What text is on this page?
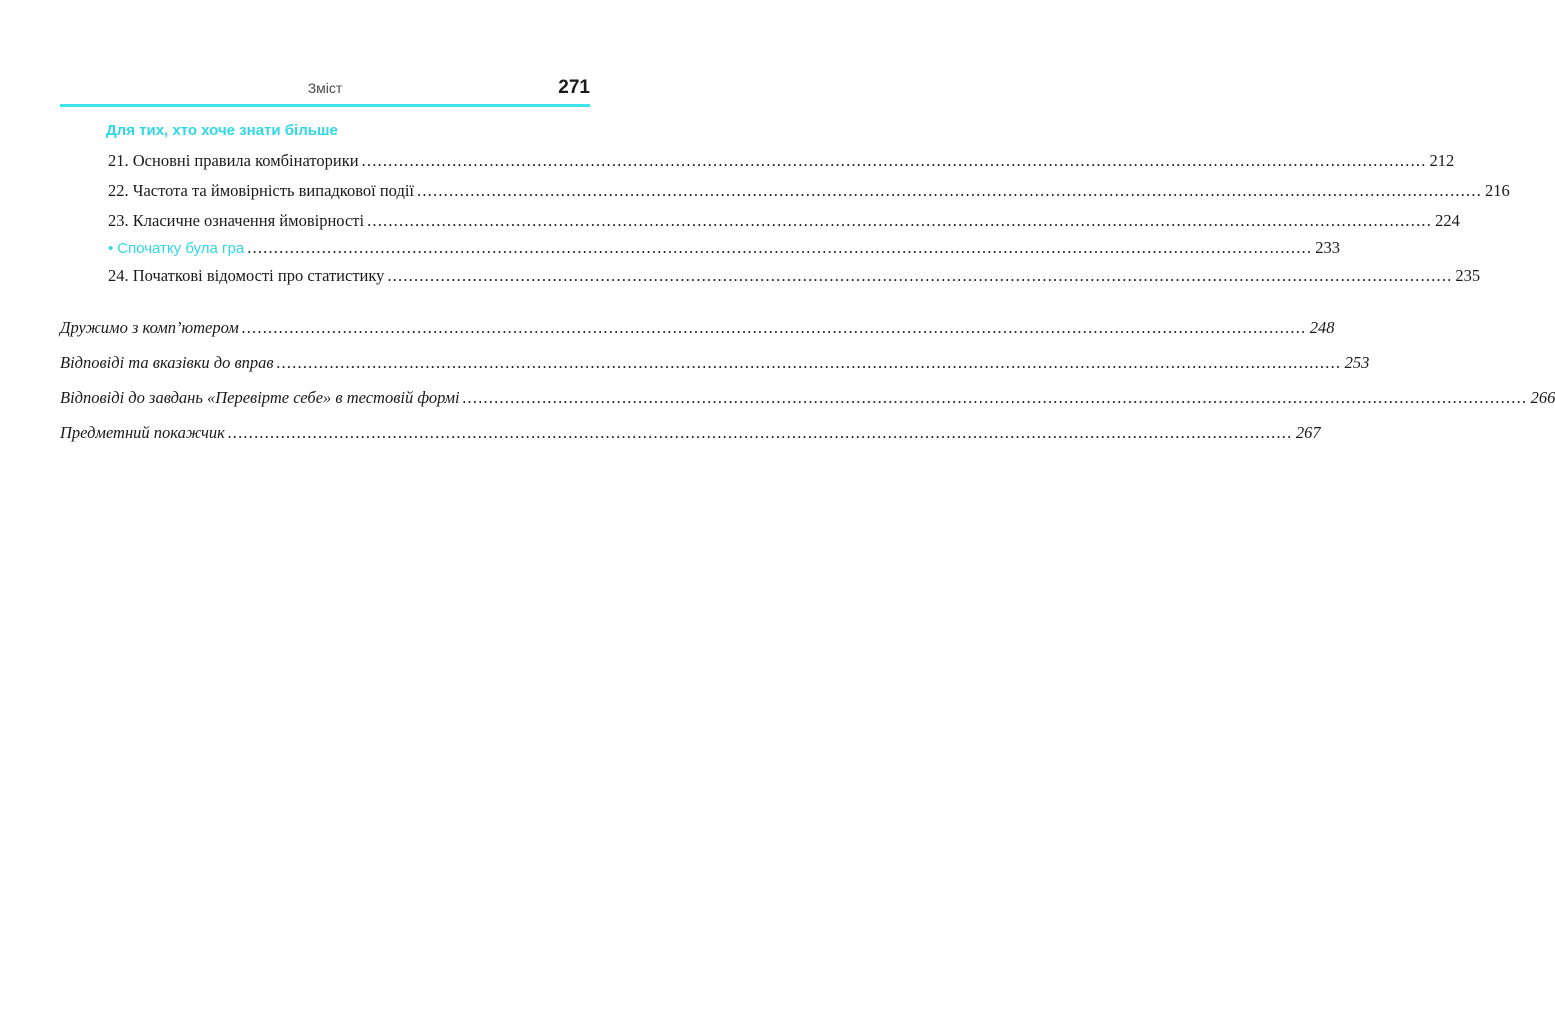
Зміст	271
Для тих, хто хоче знати більше
21. Основні правила комбінаторики ........................................................................................................................................................................................................ 212
22. Частота та ймовірність випадкової події ........................................................................................................................................................................................................ 216
23. Класичне означення ймовірності ........................................................................................................................................................................................................ 224
• Спочатку була гра ........................................................................................................................................................................................................ 233
24. Початкові відомості про статистику ........................................................................................................................................................................................................ 235
Дружимо з комп’ютером ........................................................................................................................................................................................................ 248
Відповіді та вказівки до вправ ........................................................................................................................................................................................................ 253
Відповіді до завдань «Перевірте себе» в тестовій формі ........................................................................................................................................................................................................ 266
Предметний покажчик ........................................................................................................................................................................................................ 267
